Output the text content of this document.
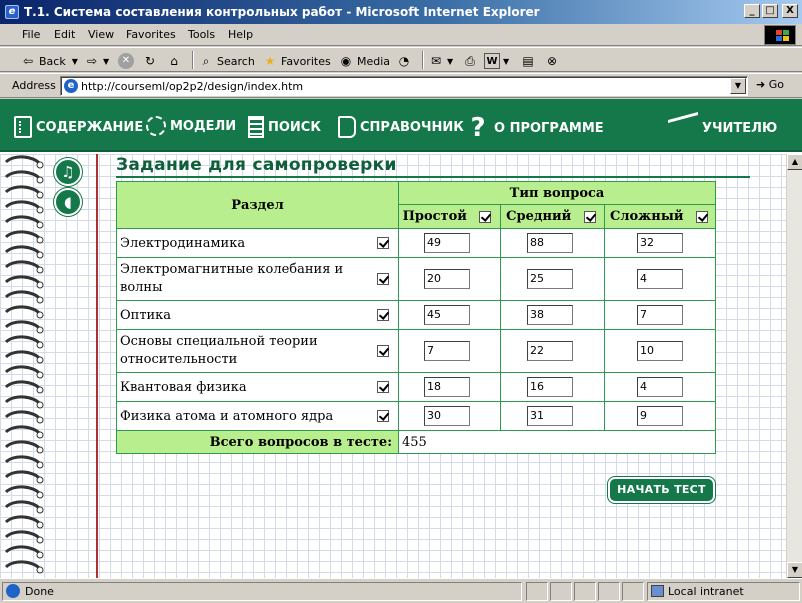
e Т.1. Система составления контрольных работ - Microsoft Internet Explorer	_	□	X
File Edit View Favorites Tools Help
⇦ Back ▼ ⇨ ▼	✕	↻	⌂	⌕ Search ★ Favorites ◉ Media ◔ ✉ ▼ ⎙	W ▼ ▤ ⊗
Address	e http://courseml/op2p2/design/index.htm	▼	➜ Go
СОДЕРЖАНИЕ МОДЕЛИ ПОИСК	СПРАВОЧНИК ? О ПРОГРАММЕ	УЧИТЕЛЮ
♫
◖
Задание для самопроверки
Раздел		Тип вопроса					
		Простой		Средний		Сложный	
Электродинамика		49		88		32	
Электромагнитные колебания и волны		20		25		4	
Оптика		45		38		7	
Основы специальной теории относительности		7		22		10	
Квантовая физика		18		16		4	
Физика атома и атомного ядра		30		31		9	
Всего вопросов в тесте:		455					
НАЧАТЬ ТЕСТ
▲
▼
Done	Local intranet
